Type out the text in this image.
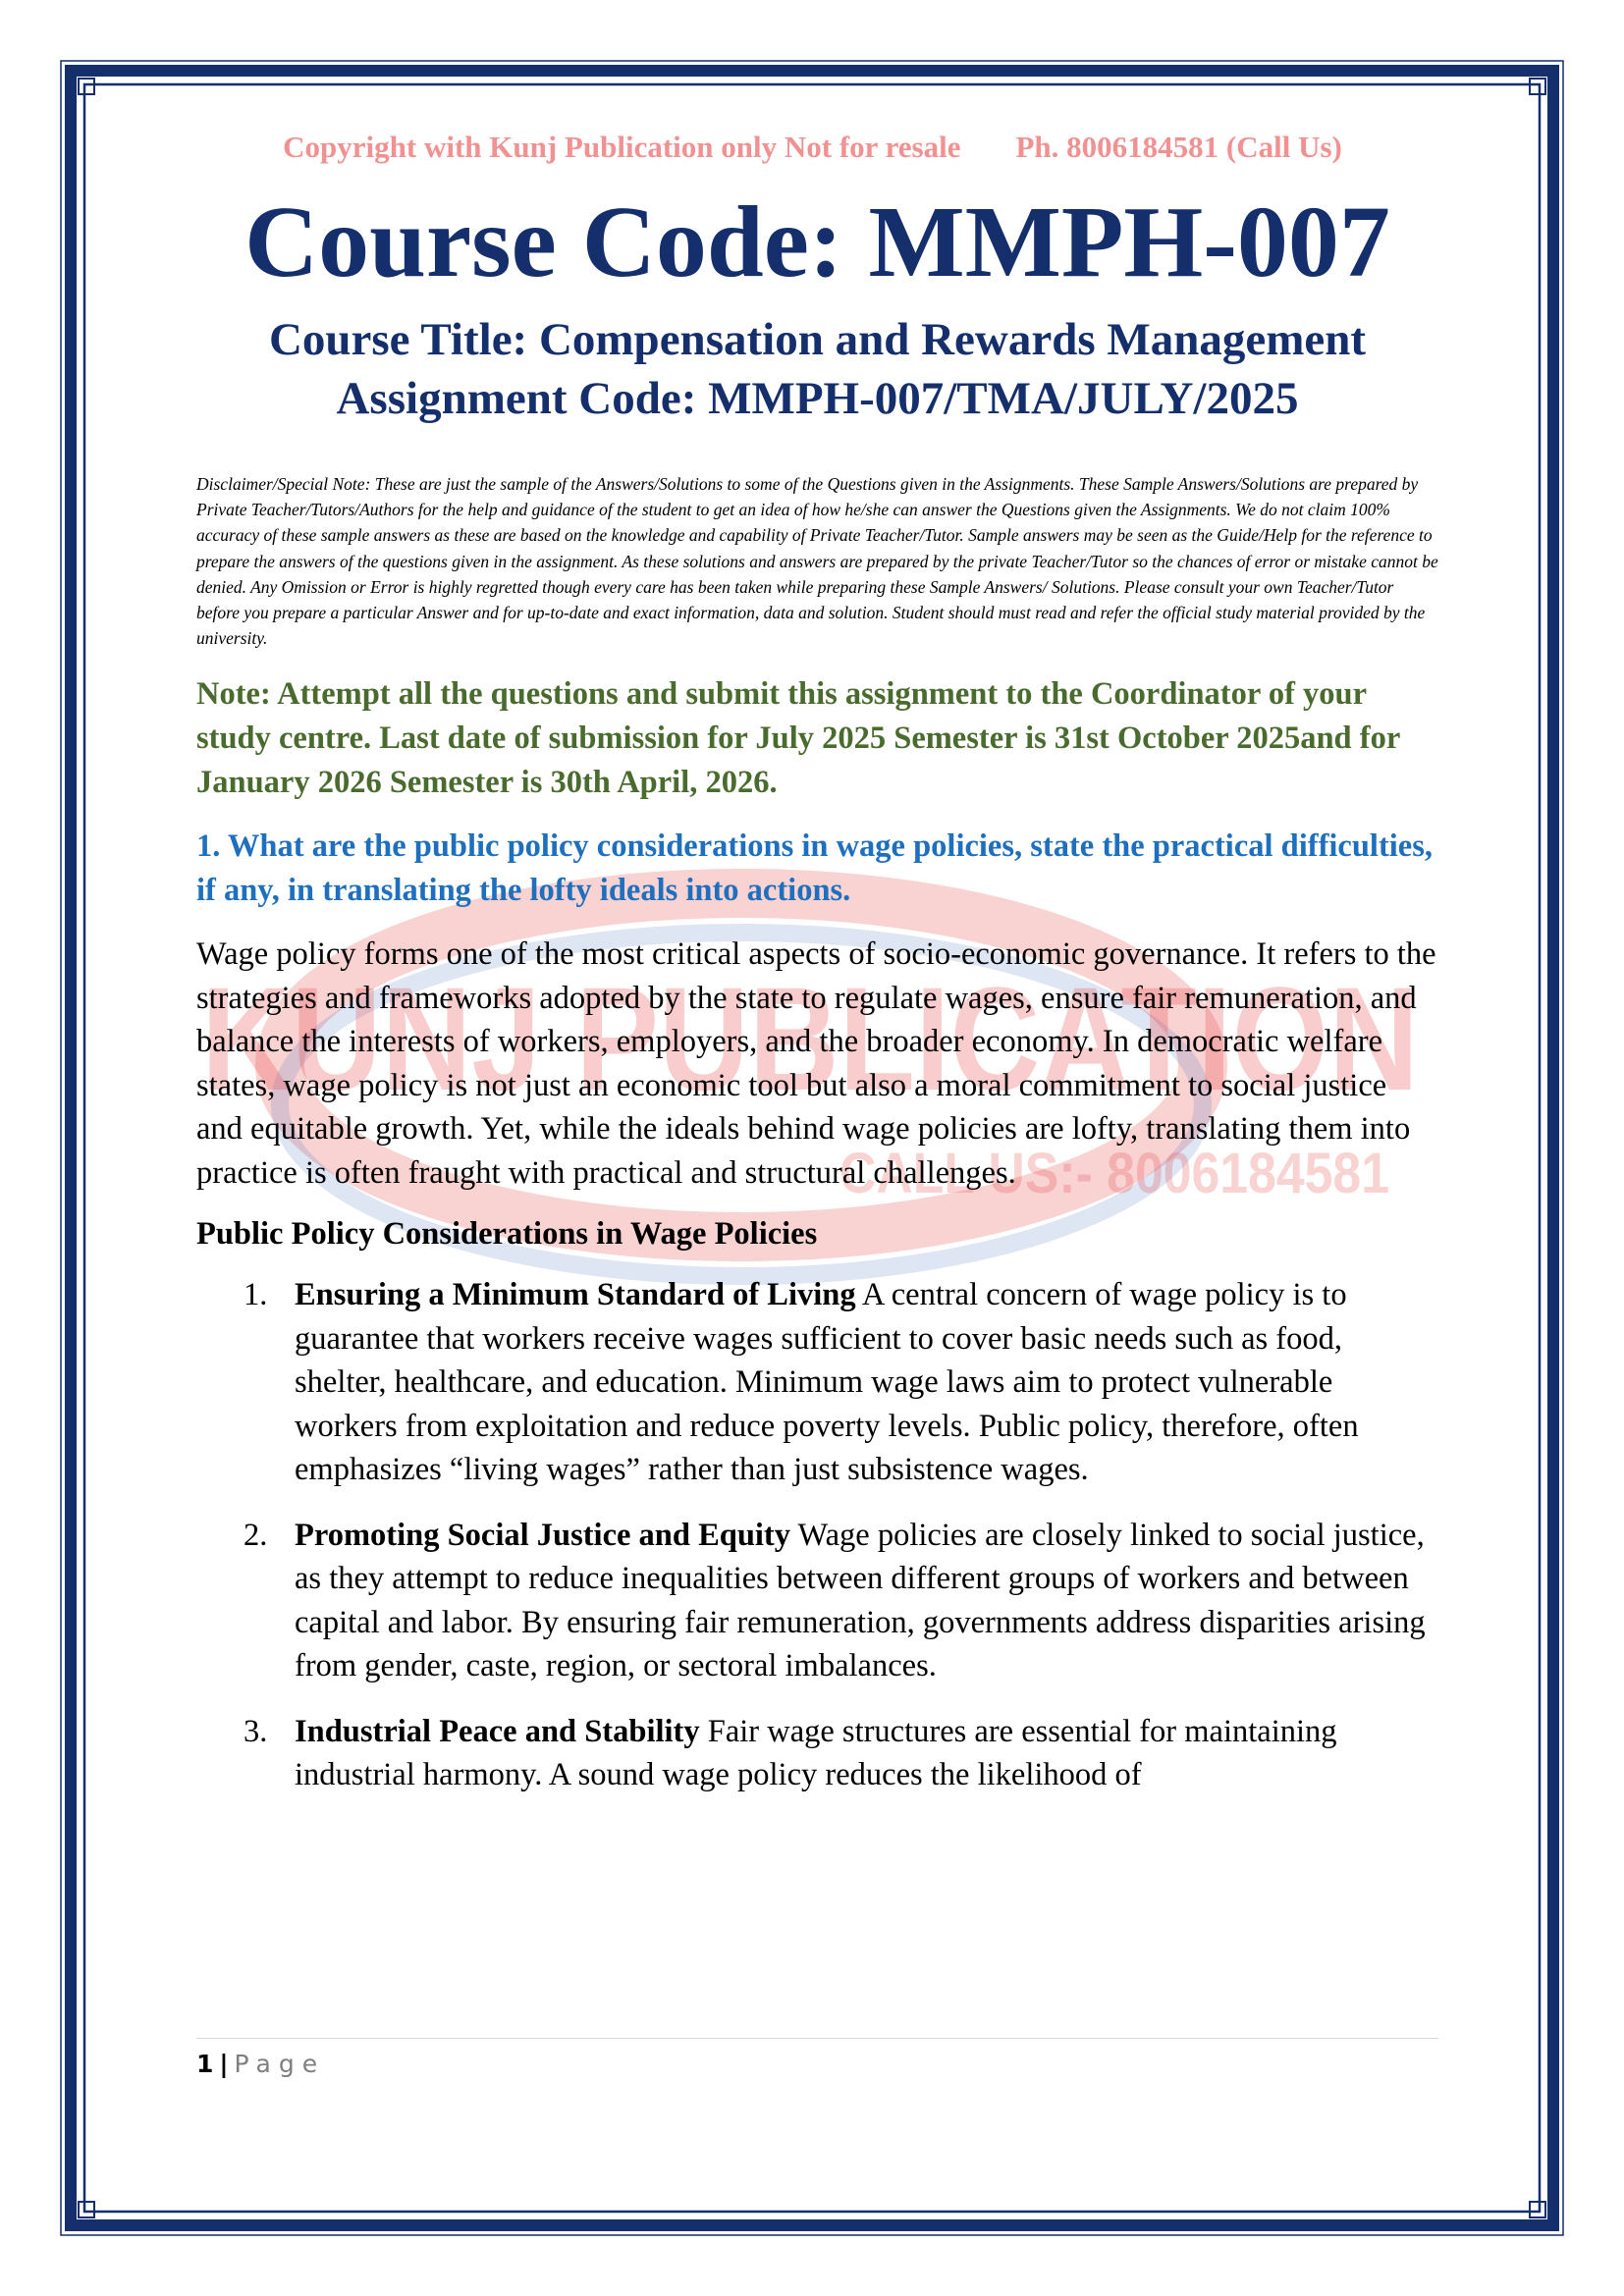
KUNJ PUBLICATION
CALL US:- 8006184581
Copyright with Kunj Publication only Not for resale Ph. 8006184581 (Call Us)
Course Code: MMPH-007
Course Title: Compensation and Rewards Management
Assignment Code: MMPH-007/TMA/JULY/2025
Disclaimer/Special Note: These are just the sample of the Answers/Solutions to some of the Questions given in the Assignments. These Sample Answers/Solutions are prepared by Private Teacher/Tutors/Authors for the help and guidance of the student to get an idea of how he/she can answer the Questions given the Assignments. We do not claim 100% accuracy of these sample answers as these are based on the knowledge and capability of Private Teacher/Tutor. Sample answers may be seen as the Guide/Help for the reference to prepare the answers of the questions given in the assignment. As these solutions and answers are prepared by the private Teacher/Tutor so the chances of error or mistake cannot be denied. Any Omission or Error is highly regretted though every care has been taken while preparing these Sample Answers/ Solutions. Please consult your own Teacher/Tutor before you prepare a particular Answer and for up-to-date and exact information, data and solution. Student should must read and refer the official study material provided by the university.
Note: Attempt all the questions and submit this assignment to the Coordinator of your study centre. Last date of submission for July 2025 Semester is 31st October 2025and for January 2026 Semester is 30th April, 2026.
1. What are the public policy considerations in wage policies, state the practical difficulties, if any, in translating the lofty ideals into actions.
Wage policy forms one of the most critical aspects of socio-economic governance. It refers to the strategies and frameworks adopted by the state to regulate wages, ensure fair remuneration, and balance the interests of workers, employers, and the broader economy. In democratic welfare states, wage policy is not just an economic tool but also a moral commitment to social justice and equitable growth. Yet, while the ideals behind wage policies are lofty, translating them into practice is often fraught with practical and structural challenges.
Public Policy Considerations in Wage Policies
1. Ensuring a Minimum Standard of Living A central concern of wage policy is to guarantee that workers receive wages sufficient to cover basic needs such as food, shelter, healthcare, and education. Minimum wage laws aim to protect vulnerable workers from exploitation and reduce poverty levels. Public policy, therefore, often emphasizes “living wages” rather than just subsistence wages.
2. Promoting Social Justice and Equity Wage policies are closely linked to social justice, as they attempt to reduce inequalities between different groups of workers and between capital and labor. By ensuring fair remuneration, governments address disparities arising from gender, caste, region, or sectoral imbalances.
3. Industrial Peace and Stability Fair wage structures are essential for maintaining industrial harmony. A sound wage policy reduces the likelihood of
1 | Page
